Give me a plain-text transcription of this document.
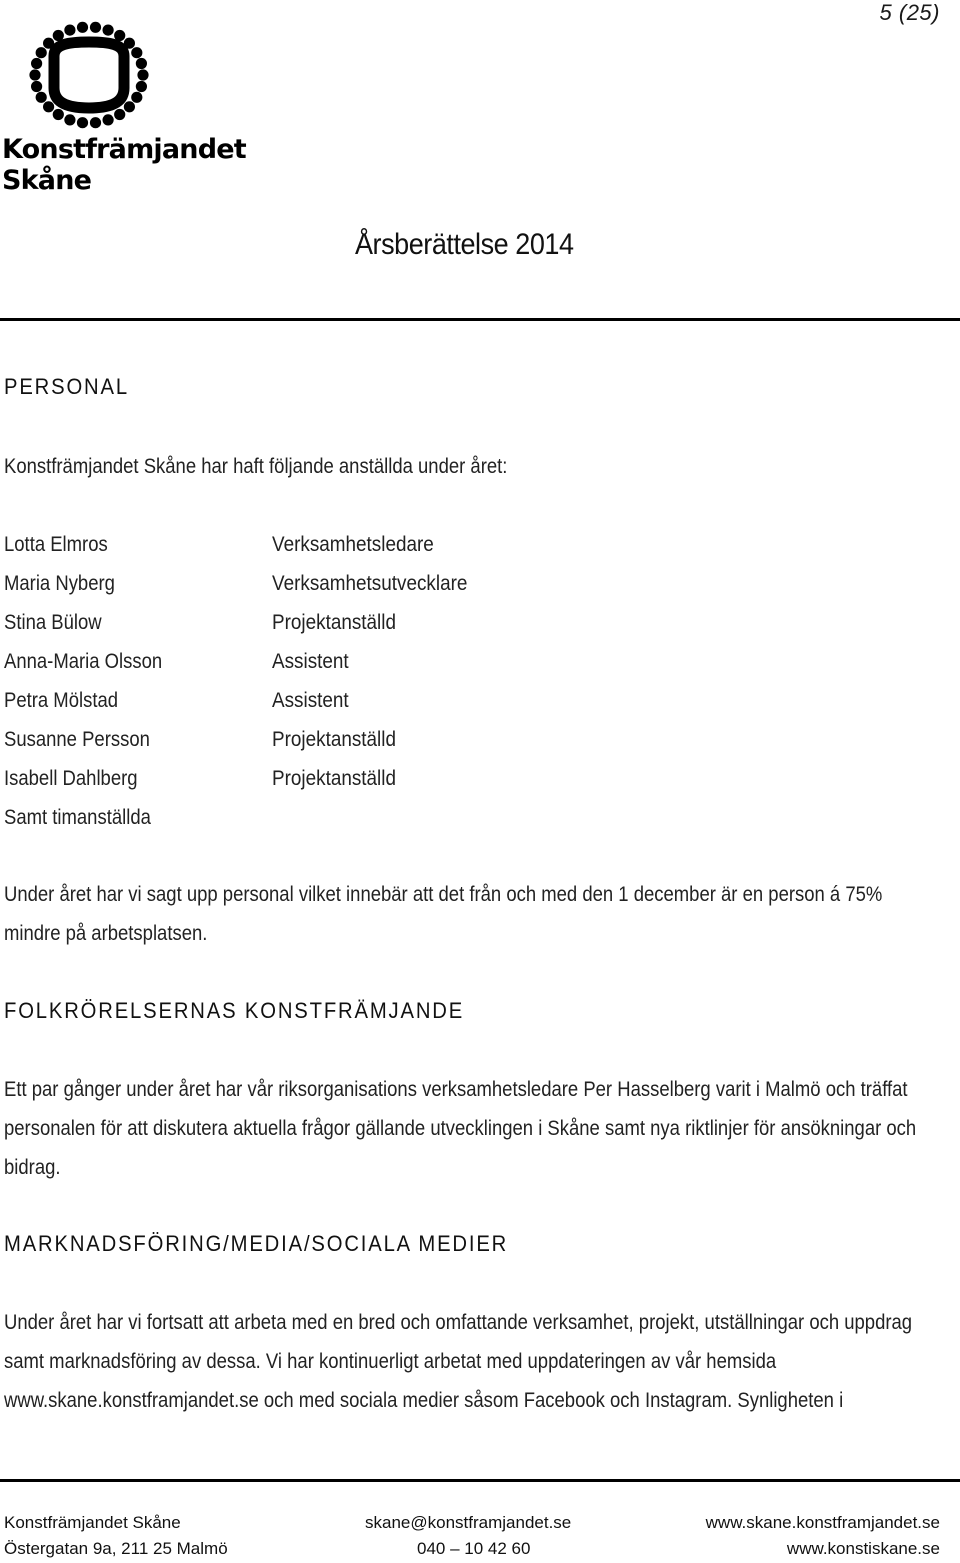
5 (25)
Konstfrämjandet
Skåne
Årsberättelse 2014
PERSONAL

Konstfrämjandet Skåne har haft följande anställda under året:

Lotta Elmros	Verksamhetsledare
Maria Nyberg	Verksamhetsutvecklare
Stina Bülow	Projektanställd
Anna-Maria Olsson	Assistent
Petra Mölstad	Assistent
Susanne Persson	Projektanställd
Isabell Dahlberg	Projektanställd
Samt timanställda

Under året har vi sagt upp personal vilket innebär att det från och med den 1 december är en person á 75% mindre på arbetsplatsen.

FOLKRÖRELSERNAS KONSTFRÄMJANDE

Ett par gånger under året har vår riksorganisations verksamhetsledare Per Hasselberg varit i Malmö och träffat personalen för att diskutera aktuella frågor gällande utvecklingen i Skåne samt nya riktlinjer för ansökningar och bidrag.

MARKNADSFÖRING/MEDIA/SOCIALA MEDIER

Under året har vi fortsatt att arbeta med en bred och omfattande verksamhet, projekt, utställningar och uppdrag samt marknadsföring av dessa. Vi har kontinuerligt arbetat med uppdateringen av vår hemsida www.skane.konstframjandet.se och med sociala medier såsom Facebook och Instagram. Synligheten i

Konstfrämjandet Skåne
Östergatan 9a, 211 25 Malmö
skane@konstframjandet.se
040 – 10 42 60
www.skane.konstframjandet.se
www.konstiskane.se
